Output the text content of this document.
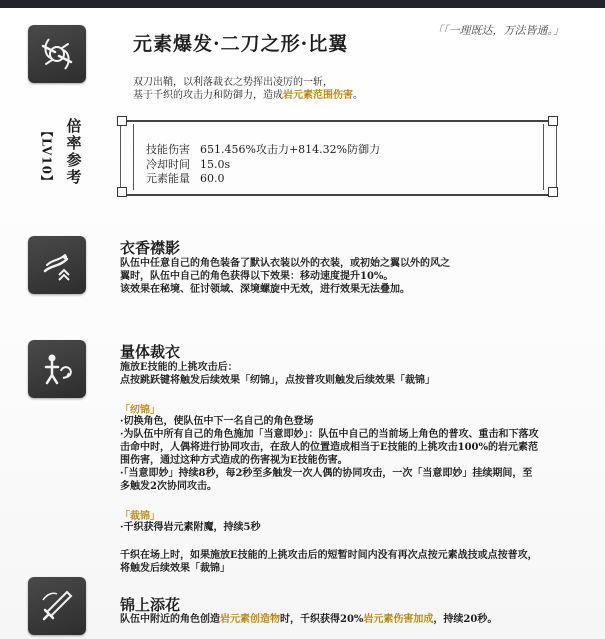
「「一理既达，万法皆通。」
元素爆发·二刀之形·比翼
双刀出鞘，以利落裁衣之势挥出凌厉的一斩，
基于千织的攻击力和防御力，造成岩元素范围伤害。
倍率参考
【LV10】	技能伤害 651.456%攻击力+814.32%防御力
冷却时间 15.0s
元素能量 60.0
衣香襟影
队伍中任意自己的角色装备了默认衣装以外的衣装，或初始之翼以外的风之
翼时，队伍中自己的角色获得以下效果：移动速度提升10%。
该效果在秘境、征讨领域、深境螺旋中无效，进行效果无法叠加。
量体裁衣
施放E技能的上挑攻击后：
点按跳跃键将触发后续效果「纫锦」，点按普攻则触发后续效果「裁锦」
「纫锦」
·切换角色，使队伍中下一名自己的角色登场
·为队伍中所有自己的角色施加「当意即妙」：队伍中自己的当前场上角色的普攻、重击和下落攻
击命中时，人偶将进行协同攻击，在敌人的位置造成相当于E技能的上挑攻击100%的岩元素范
围伤害，通过这种方式造成的伤害视为E技能伤害。
·「当意即妙」持续8秒，每2秒至多触发一次人偶的协同攻击，一次「当意即妙」挂续期间，至
多触发2次协同攻击。
「裁锦」
·千织获得岩元素附魔，持续5秒
千织在场上时，如果施放E技能的上挑攻击后的短暂时间内没有再次点按元素战技或点按普攻，
将触发后续效果「裁锦」
锦上添花
队伍中附近的角色创造岩元素创造物时，千织获得20%岩元素伤害加成，持续20秒。
